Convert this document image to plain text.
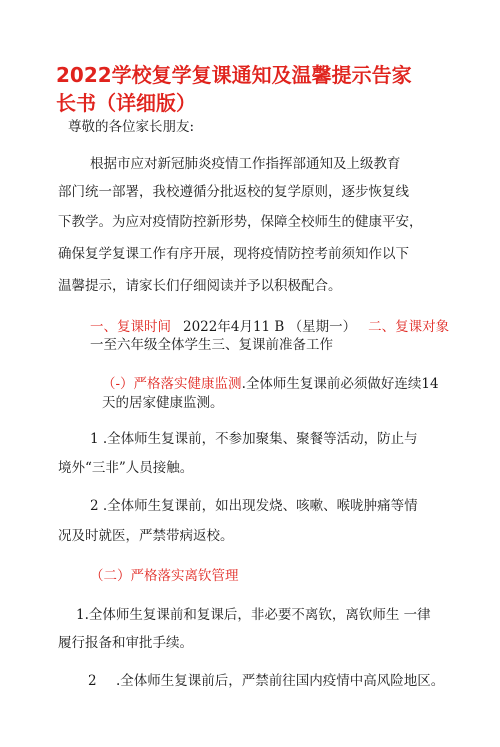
2022学校复学复课通知及温馨提示告家
长书（详细版）
尊敬的各位家长朋友:
根据市应对新冠肺炎疫情工作指挥部通知及上级教育
部门统一部署，我校遵循分批返校的复学原则，逐步恢复线
下教学。为应对疫情防控新形势，保障全校师生的健康平安，
确保复学复课工作有序开展，现将疫情防控考前须知作以下
温馨提示，请家长们仔细阅读并予以积极配合。
一、复课时间 2022年4月11 B （星期一） 二、复课对象
一至六年级全体学生三、复课前准备工作
（-）严格落实健康监测.全体师生复课前必须做好连续14
天的居家健康监测。
1 .全体师生复课前，不参加聚集、聚餐等活动，防止与
境外“三非”人员接触。
2 .全体师生复课前，如出现发烧、咳嗽、喉咙肿痛等情
况及时就医，严禁带病返校。
（二）严格落实离钦管理
1.全体师生复课前和复课后，非必要不离钦，离钦师生 一律
履行报备和审批手续。
2 .全体师生复课前后，严禁前往国内疫情中高风险地区。
